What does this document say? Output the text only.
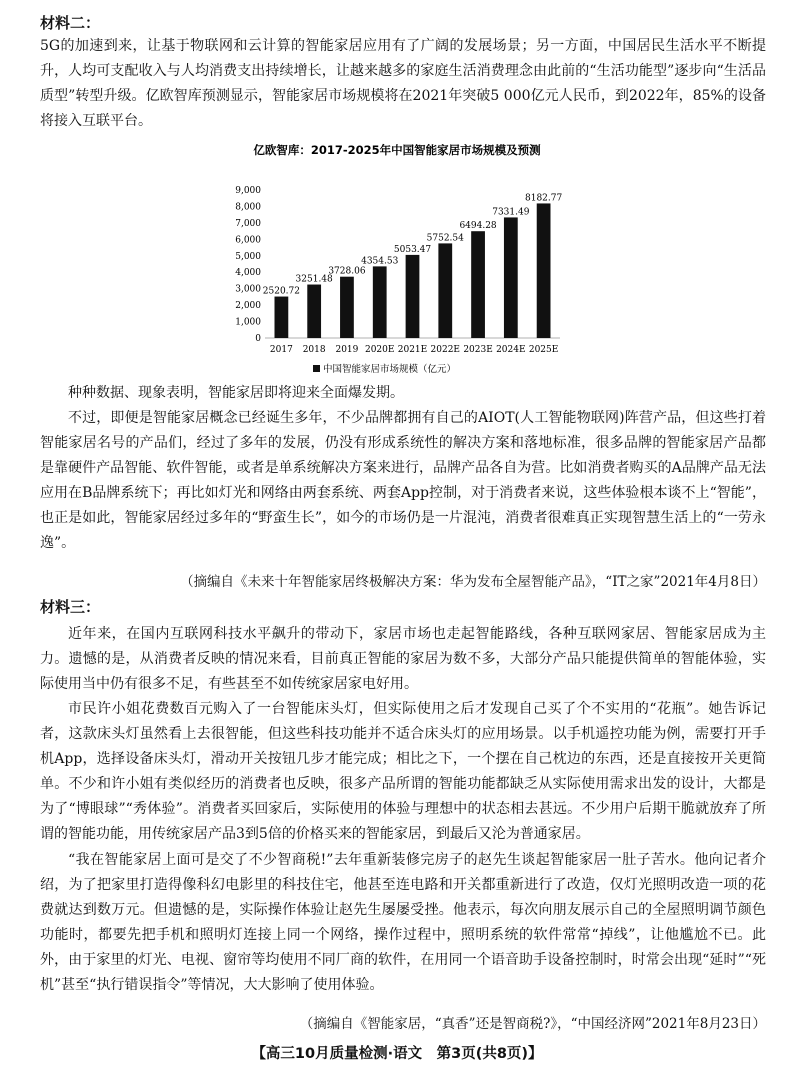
材料二：
5G的加速到来，让基于物联网和云计算的智能家居应用有了广阔的发展场景；另一方面，中国居民生活水平不断提升，人均可支配收入与人均消费支出持续增长，让越来越多的家庭生活消费理念由此前的“生活功能型”逐步向“生活品质型”转型升级。亿欧智库预测显示，智能家居市场规模将在2021年突破5 000亿元人民币，到2022年，85%的设备将接入互联平台。
亿欧智库：2017-2025年中国智能家居市场规模及预测
0
1,000
2,000
3,000
4,000
5,000
6,000
7,000
8,000
9,000
2520.72
3251.48
3728.06
4354.53
5053.47
5752.54
6494.28
7331.49
8182.77
2017 2018 2019 2020E 2021E 2022E 2023E 2024E 2025E
中国智能家居市场规模（亿元）
种种数据、现象表明，智能家居即将迎来全面爆发期。
不过，即便是智能家居概念已经诞生多年，不少品牌都拥有自己的AIOT(人工智能物联网)阵营产品，但这些打着智能家居名号的产品们，经过了多年的发展，仍没有形成系统性的解决方案和落地标准，很多品牌的智能家居产品都是靠硬件产品智能、软件智能，或者是单系统解决方案来进行，品牌产品各自为营。比如消费者购买的A品牌产品无法应用在B品牌系统下；再比如灯光和网络由两套系统、两套App控制，对于消费者来说，这些体验根本谈不上“智能”，也正是如此，智能家居经过多年的“野蛮生长”，如今的市场仍是一片混沌，消费者很难真正实现智慧生活上的“一劳永逸”。
（摘编自《未来十年智能家居终极解决方案：华为发布全屋智能产品》，“IT之家”2021年4月8日）
材料三：
近年来，在国内互联网科技水平飙升的带动下，家居市场也走起智能路线，各种互联网家居、智能家居成为主力。遗憾的是，从消费者反映的情况来看，目前真正智能的家居为数不多，大部分产品只能提供简单的智能体验，实际使用当中仍有很多不足，有些甚至不如传统家居家电好用。
市民许小姐花费数百元购入了一台智能床头灯，但实际使用之后才发现自己买了个不实用的“花瓶”。她告诉记者，这款床头灯虽然看上去很智能，但这些科技功能并不适合床头灯的应用场景。以手机遥控功能为例，需要打开手机App，选择设备床头灯，滑动开关按钮几步才能完成；相比之下，一个摆在自己枕边的东西，还是直接按开关更简单。不少和许小姐有类似经历的消费者也反映，很多产品所谓的智能功能都缺乏从实际使用需求出发的设计，大都是为了“博眼球”“秀体验”。消费者买回家后，实际使用的体验与理想中的状态相去甚远。不少用户后期干脆就放弃了所谓的智能功能，用传统家居产品3到5倍的价格买来的智能家居，到最后又沦为普通家居。
“我在智能家居上面可是交了不少智商税!”去年重新装修完房子的赵先生谈起智能家居一肚子苦水。他向记者介绍，为了把家里打造得像科幻电影里的科技住宅，他甚至连电路和开关都重新进行了改造，仅灯光照明改造一项的花费就达到数万元。但遗憾的是，实际操作体验让赵先生屡屡受挫。他表示，每次向朋友展示自己的全屋照明调节颜色功能时，都要先把手机和照明灯连接上同一个网络，操作过程中，照明系统的软件常常“掉线”，让他尴尬不已。此外，由于家里的灯光、电视、窗帘等均使用不同厂商的软件，在用同一个语音助手设备控制时，时常会出现“延时”“死机”甚至“执行错误指令”等情况，大大影响了使用体验。
（摘编自《智能家居，“真香”还是智商税?》，“中国经济网”2021年8月23日）
【高三10月质量检测·语文　第3页(共8页)】
